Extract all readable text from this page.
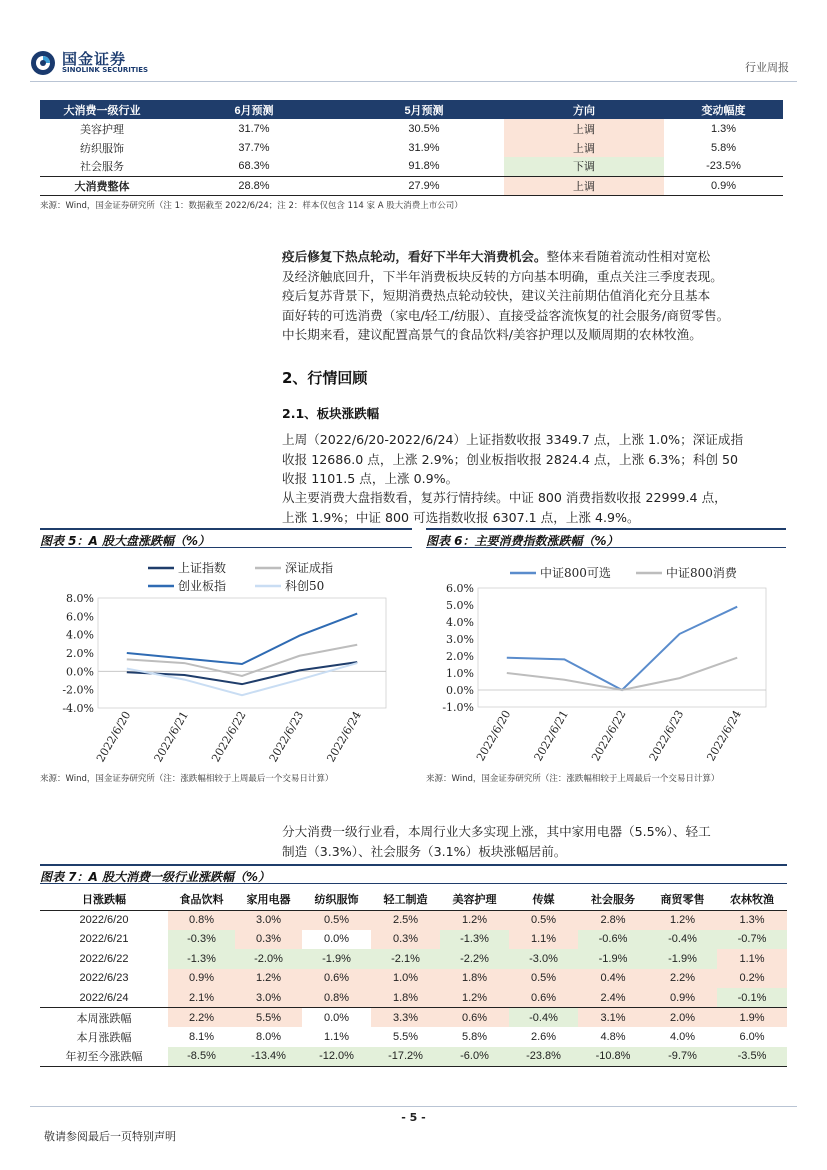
国金证券
SINOLINK SECURITIES	行业周报
大消费一级行业	6月预测	5月预测	方向	变动幅度
美容护理	31.7%	30.5%	上调	1.3%
纺织服饰	37.7%	31.9%	上调	5.8%
社会服务	68.3%	91.8%	下调	-23.5%
大消费整体	28.8%	27.9%	上调	0.9%
来源：Wind，国金证券研究所（注 1：数据截至 2022/6/24；注 2：样本仅包含 114 家 A 股大消费上市公司）
疫后修复下热点轮动，看好下半年大消费机会。整体来看随着流动性相对宽松
及经济触底回升，下半年消费板块反转的方向基本明确，重点关注三季度表现。
疫后复苏背景下，短期消费热点轮动较快，建议关注前期估值消化充分且基本
面好转的可选消费（家电/轻工/纺服）、直接受益客流恢复的社会服务/商贸零售。
中长期来看，建议配置高景气的食品饮料/美容护理以及顺周期的农林牧渔。
2、行情回顾
2.1、板块涨跌幅
上周（2022/6/20-2022/6/24）上证指数收报 3349.7 点，上涨 1.0%；深证成指
收报 12686.0 点，上涨 2.9%；创业板指收报 2824.4 点，上涨 6.3%；科创 50
收报 1101.5 点，上涨 0.9%。
从主要消费大盘指数看，复苏行情持续。中证 800 消费指数收报 22999.4 点，
上涨 1.9%；中证 800 可选指数收报 6307.1 点，上涨 4.9%。
图表 5：A 股大盘涨跌幅（%）
8.0%
6.0%
4.0%
2.0%
0.0%
-2.0%
-4.0%
2022/6/20 2022/6/21 2022/6/22 2022/6/23 2022/6/24
上证指数	深证成指
创业板指	科创50
来源：Wind，国金证券研究所（注：涨跌幅相较于上周最后一个交易日计算）
图表 6：主要消费指数涨跌幅（%）
6.0%
5.0%
4.0%
3.0%
2.0%
1.0%
0.0%
-1.0%
2022/6/20 2022/6/21 2022/6/22 2022/6/23 2022/6/24
中证800可选	中证800消费
来源：Wind，国金证券研究所（注：涨跌幅相较于上周最后一个交易日计算）
分大消费一级行业看，本周行业大多实现上涨，其中家用电器（5.5%）、轻工
制造（3.3%）、社会服务（3.1%）板块涨幅居前。
图表 7：A 股大消费一级行业涨跌幅（%）
日涨跌幅	食品饮料	家用电器	纺织服饰	轻工制造	美容护理	传媒	社会服务	商贸零售	农林牧渔
2022/6/20	0.8%	3.0%	0.5%	2.5%	1.2%	0.5%	2.8%	1.2%	1.3%
2022/6/21	-0.3%	0.3%	0.0%	0.3%	-1.3%	1.1%	-0.6%	-0.4%	-0.7%
2022/6/22	-1.3%	-2.0%	-1.9%	-2.1%	-2.2%	-3.0%	-1.9%	-1.9%	1.1%
2022/6/23	0.9%	1.2%	0.6%	1.0%	1.8%	0.5%	0.4%	2.2%	0.2%
2022/6/24	2.1%	3.0%	0.8%	1.8%	1.2%	0.6%	2.4%	0.9%	-0.1%
本周涨跌幅	2.2%	5.5%	0.0%	3.3%	0.6%	-0.4%	3.1%	2.0%	1.9%
本月涨跌幅	8.1%	8.0%	1.1%	5.5%	5.8%	2.6%	4.8%	4.0%	6.0%
年初至今涨跌幅	-8.5%	-13.4%	-12.0%	-17.2%	-6.0%	-23.8%	-10.8%	-9.7%	-3.5%
- 5 -
敬请参阅最后一页特别声明
